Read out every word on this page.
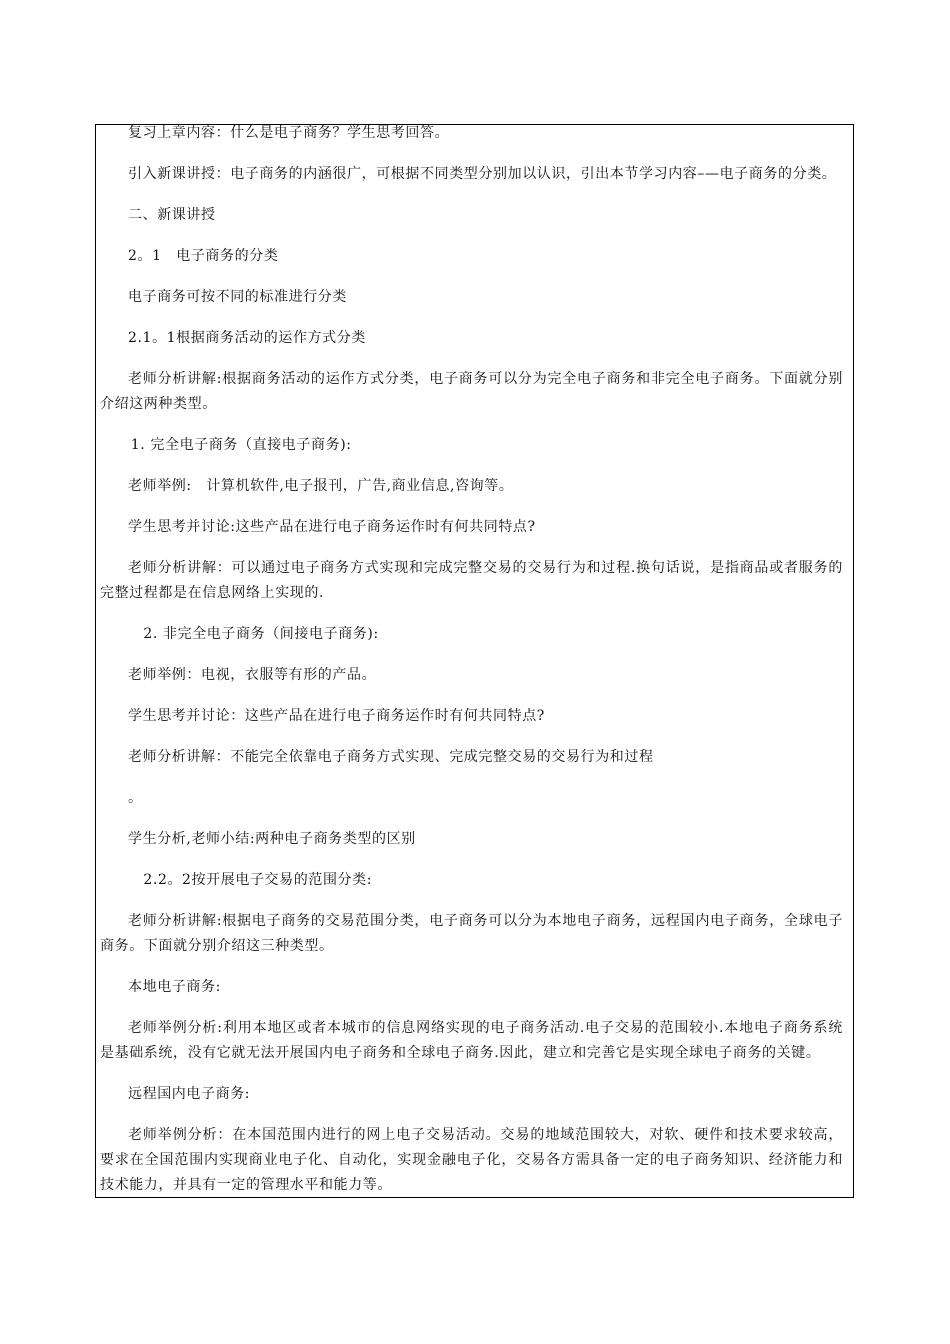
复习上章内容：什么是电子商务？学生思考回答。

引入新课讲授：电子商务的内涵很广，可根据不同类型分别加以认识，引出本节学习内容–—电子商务的分类。

二、新课讲授

2。1　电子商务的分类

电子商务可按不同的标准进行分类

2.1。1根据商务活动的运作方式分类

老师分析讲解:根据商务活动的运作方式分类，电子商务可以分为完全电子商务和非完全电子商务。下面就分别介绍这两种类型。

1. 完全电子商务（直接电子商务):

老师举例:　计算机软件,电子报刊，广告,商业信息,咨询等。

学生思考并讨论:这些产品在进行电子商务运作时有何共同特点?

老师分析讲解：可以通过电子商务方式实现和完成完整交易的交易行为和过程.换句话说，是指商品或者服务的完整过程都是在信息网络上实现的.

2. 非完全电子商务（间接电子商务):

老师举例：电视，衣服等有形的产品。

学生思考并讨论：这些产品在进行电子商务运作时有何共同特点?

老师分析讲解：不能完全依靠电子商务方式实现、完成完整交易的交易行为和过程

。

学生分析,老师小结:两种电子商务类型的区别

2.2。2按开展电子交易的范围分类:

老师分析讲解:根据电子商务的交易范围分类，电子商务可以分为本地电子商务，远程国内电子商务，全球电子商务。下面就分别介绍这三种类型。

本地电子商务:

老师举例分析:利用本地区或者本城市的信息网络实现的电子商务活动.电子交易的范围较小.本地电子商务系统是基础系统，没有它就无法开展国内电子商务和全球电子商务.因此，建立和完善它是实现全球电子商务的关键。

远程国内电子商务:

老师举例分析：在本国范围内进行的网上电子交易活动。交易的地域范围较大，对软、硬件和技术要求较高，要求在全国范围内实现商业电子化、自动化，实现金融电子化，交易各方需具备一定的电子商务知识、经济能力和技术能力，并具有一定的管理水平和能力等。
